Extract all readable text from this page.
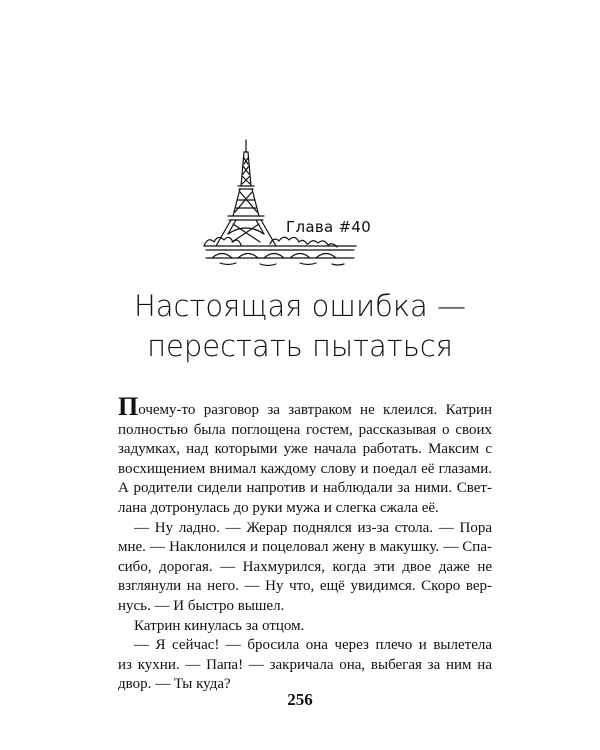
Глава #40
Настоящая ошибка —
перестать пытаться
Почему-то разговор за завтраком не клеился. Катрин
полностью была поглощена гостем, рассказывая о своих
задумках, над которыми уже начала работать. Максим с
восхищением внимал каждому слову и поедал её глазами.
А родители сидели напротив и наблюдали за ними. Свет-
лана дотронулась до руки мужа и слегка сжала её.
— Ну ладно. — Жерар поднялся из-за стола. — Пора
мне. — Наклонился и поцеловал жену в макушку. — Спа-
сибо, дорогая. — Нахмурился, когда эти двое даже не
взглянули на него. — Ну что, ещё увидимся. Скоро вер-
нусь. — И быстро вышел.
Катрин кинулась за отцом.
— Я сейчас! — бросила она через плечо и вылетела
из кухни. — Папа! — закричала она, выбегая за ним на
двор. — Ты куда?
256
